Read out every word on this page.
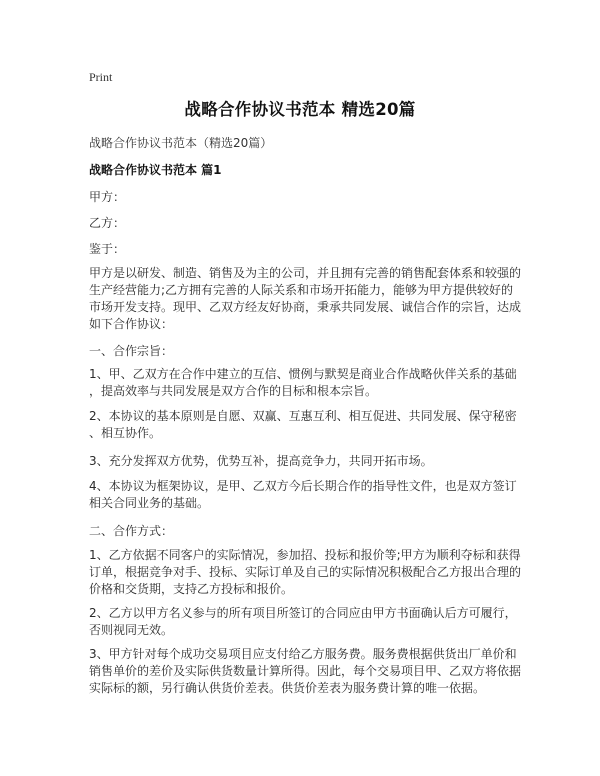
Print
战略合作协议书范本 精选20篇
战略合作协议书范本（精选20篇）
战略合作协议书范本 篇1
甲方：
乙方：
鉴于：
甲方是以研发、制造、销售及为主的公司，并且拥有完善的销售配套体系和较强的
生产经营能力;乙方拥有完善的人际关系和市场开拓能力，能够为甲方提供较好的
市场开发支持。现甲、乙双方经友好协商，秉承共同发展、诚信合作的宗旨，达成
如下合作协议：
一、合作宗旨：
1、甲、乙双方在合作中建立的互信、惯例与默契是商业合作战略伙伴关系的基础
，提高效率与共同发展是双方合作的目标和根本宗旨。
2、本协议的基本原则是自愿、双赢、互惠互利、相互促进、共同发展、保守秘密
、相互协作。
3、充分发挥双方优势，优势互补，提高竞争力，共同开拓市场。
4、本协议为框架协议，是甲、乙双方今后长期合作的指导性文件，也是双方签订
相关合同业务的基础。
二、合作方式：
1、乙方依据不同客户的实际情况，参加招、投标和报价等;甲方为顺利夺标和获得
订单，根据竞争对手、投标、实际订单及自己的实际情况积极配合乙方报出合理的
价格和交货期，支持乙方投标和报价。
2、乙方以甲方名义参与的所有项目所签订的合同应由甲方书面确认后方可履行，
否则视同无效。
3、甲方针对每个成功交易项目应支付给乙方服务费。服务费根据供货出厂单价和
销售单价的差价及实际供货数量计算所得。因此，每个交易项目甲、乙双方将依据
实际标的额，另行确认供货价差表。供货价差表为服务费计算的唯一依据。
